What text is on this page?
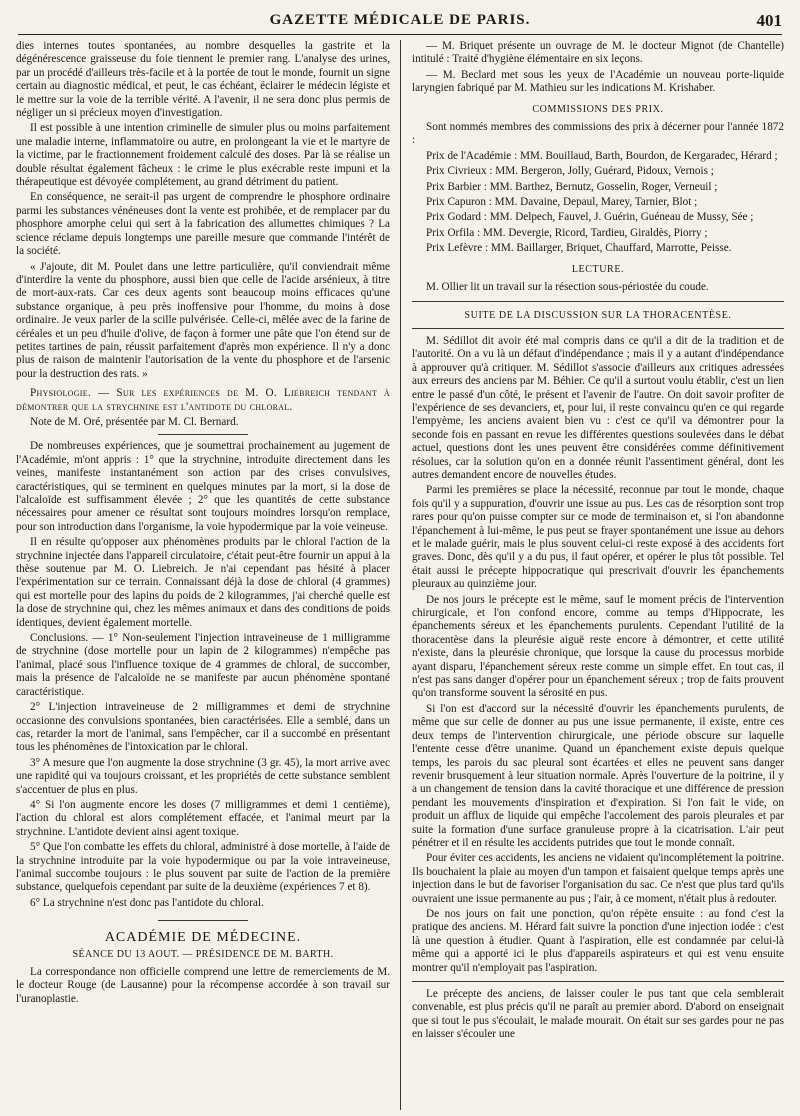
GAZETTE MÉDICALE DE PARIS.	401

dies internes toutes spontanées, au nombre desquelles la gastrite et la dégénérescence graisseuse du foie tiennent le premier rang. L'analyse des urines, par un procédé d'ailleurs très-facile et à la portée de tout le monde, fournit un signe certain au diagnostic médical, et peut, le cas échéant, éclairer le médecin légiste et le mettre sur la voie de la terrible vérité. A l'avenir, il ne sera donc plus permis de négliger un si précieux moyen d'investigation.

Il est possible à une intention criminelle de simuler plus ou moins parfaitement une maladie interne, inflammatoire ou autre, en prolongeant la vie et le martyre de la victime, par le fractionnement froidement calculé des doses. Par là se réalise un double résultat également fâcheux : le crime le plus exécrable reste impuni et la thérapeutique est dévoyée complétement, au grand détriment du patient.

En conséquence, ne serait-il pas urgent de comprendre le phosphore ordinaire parmi les substances vénéneuses dont la vente est prohibée, et de remplacer par du phosphore amorphe celui qui sert à la fabrication des allumettes chimiques ? La science réclame depuis longtemps une pareille mesure que commande l'intérêt de la société.

« J'ajoute, dit M. Poulet dans une lettre particulière, qu'il conviendrait même d'interdire la vente du phosphore, aussi bien que celle de l'acide arsénieux, à titre de mort-aux-rats. Car ces deux agents sont beaucoup moins efficaces qu'une substance organique, à peu près inoffensive pour l'homme, du moins à dose ordinaire. Je veux parler de la scille pulvérisée. Celle-ci, mêlée avec de la farine de céréales et un peu d'huile d'olive, de façon à former une pâte que l'on étend sur de petites tartines de pain, réussit parfaitement d'après mon expérience. Il n'y a donc plus de raison de maintenir l'autorisation de la vente du phosphore et de l'arsenic pour la destruction des rats. »

Physiologie. — Sur les expériences de M. O. Liebreich tendant à démontrer que la strychnine est l'antidote du chloral.

Note de M. Oré, présentée par M. Cl. Bernard.

De nombreuses expériences, que je soumettrai prochainement au jugement de l'Académie, m'ont appris : 1° que la strychnine, introduite directement dans les veines, manifeste instantanément son action par des crises convulsives, caractéristiques, qui se terminent en quelques minutes par la mort, si la dose de l'alcaloïde est suffisamment élevée ; 2° que les quantités de cette substance nécessaires pour amener ce résultat sont toujours moindres lorsqu'on remplace, pour son introduction dans l'organisme, la voie hypodermique par la voie veineuse.

Il en résulte qu'opposer aux phénomènes produits par le chloral l'action de la strychnine injectée dans l'appareil circulatoire, c'était peut-être fournir un appui à la thèse soutenue par M. O. Liebreich. Je n'ai cependant pas hésité à placer l'expérimentation sur ce terrain. Connaissant déjà la dose de chloral (4 grammes) qui est mortelle pour des lapins du poids de 2 kilogrammes, j'ai cherché quelle est la dose de strychnine qui, chez les mêmes animaux et dans des conditions de poids identiques, devient également mortelle.

Conclusions. — 1° Non-seulement l'injection intraveineuse de 1 milligramme de strychnine (dose mortelle pour un lapin de 2 kilogrammes) n'empêche pas l'animal, placé sous l'influence toxique de 4 grammes de chloral, de succomber, mais la présence de l'alcaloïde ne se manifeste par aucun phénomène spontané caractéristique.

2° L'injection intraveineuse de 2 milligrammes et demi de strychnine occasionne des convulsions spontanées, bien caractérisées. Elle a semblé, dans un cas, retarder la mort de l'animal, sans l'empêcher, car il a succombé en présentant tous les phénomènes de l'intoxication par le chloral.

3° A mesure que l'on augmente la dose strychnine (3 gr. 45), la mort arrive avec une rapidité qui va toujours croissant, et les propriétés de cette substance semblent s'accentuer de plus en plus.

4° Si l'on augmente encore les doses (7 milligrammes et demi 1 centième), l'action du chloral est alors complétement effacée, et l'animal meurt par la strychnine. L'antidote devient ainsi agent toxique.

5° Que l'on combatte les effets du chloral, administré à dose mortelle, à l'aide de la strychnine introduite par la voie hypodermique ou par la voie intraveineuse, l'animal succombe toujours : le plus souvent par suite de l'action de la première substance, quelquefois cependant par suite de la deuxième (expériences 7 et 8).

6° La strychnine n'est donc pas l'antidote du chloral.

ACADÉMIE DE MÉDECINE.
SÉANCE DU 13 AOUT. — PRÉSIDENCE DE M. BARTH.

La correspondance non officielle comprend une lettre de remerciements de M. le docteur Rouge (de Lausanne) pour la récompense accordée à son travail sur l'uranoplastie.

— M. Briquet présente un ouvrage de M. le docteur Mignot (de Chantelle) intitulé : Traité d'hygiène élémentaire en six leçons.

— M. Beclard met sous les yeux de l'Académie un nouveau porte-liquide laryngien fabriqué par M. Mathieu sur les indications M. Krishaber.

COMMISSIONS DES PRIX.

Sont nommés membres des commissions des prix à décerner pour l'année 1872 :

Prix de l'Académie : MM. Bouillaud, Barth, Bourdon, de Kergaradec, Hérard ;

Prix Civrieux : MM. Bergeron, Jolly, Guérard, Pidoux, Vernois ;

Prix Barbier : MM. Barthez, Bernutz, Gosselin, Roger, Verneuil ;

Prix Capuron : MM. Davaine, Depaul, Marey, Tarnier, Blot ;

Prix Godard : MM. Delpech, Fauvel, J. Guérin, Guéneau de Mussy, Sée ;

Prix Orfila : MM. Devergie, Ricord, Tardieu, Giraldès, Piorry ;

Prix Lefèvre : MM. Baillarger, Briquet, Chauffard, Marrotte, Peisse.

LECTURE.

M. Ollier lit un travail sur la résection sous-périostée du coude.

SUITE DE LA DISCUSSION SUR LA THORACENTÈSE.

M. Sédillot dit avoir été mal compris dans ce qu'il a dit de la tradition et de l'autorité. On a vu là un défaut d'indépendance ; mais il y a autant d'indépendance à approuver qu'à critiquer. M. Sédillot s'associe d'ailleurs aux critiques adressées aux erreurs des anciens par M. Béhier. Ce qu'il a surtout voulu établir, c'est un lien entre le passé d'un côté, le présent et l'avenir de l'autre. On doit savoir profiter de l'expérience de ses devanciers, et, pour lui, il reste convaincu qu'en ce qui regarde l'empyème, les anciens avaient bien vu : c'est ce qu'il va démontrer pour la seconde fois en passant en revue les différentes questions soulevées dans le débat actuel, questions dont les unes peuvent être considérées comme définitivement résolues, car la solution qu'on en a donnée réunit l'assentiment général, dont les autres demandent encore de nouvelles études.

Parmi les premières se place la nécessité, reconnue par tout le monde, chaque fois qu'il y a suppuration, d'ouvrir une issue au pus. Les cas de résorption sont trop rares pour qu'on puisse compter sur ce mode de terminaison et, si l'on abandonne l'épanchement à lui-même, le pus peut se frayer spontanément une issue au dehors et le malade guérir, mais le plus souvent celui-ci reste exposé à des accidents fort graves. Donc, dès qu'il y a du pus, il faut opérer, et opérer le plus tôt possible. Tel était aussi le précepte hippocratique qui prescrivait d'ouvrir les épanchements pleuraux au quinzième jour.

De nos jours le précepte est le même, sauf le moment précis de l'intervention chirurgicale, et l'on confond encore, comme au temps d'Hippocrate, les épanchements séreux et les épanchements purulents. Cependant l'utilité de la thoracentèse dans la pleurésie aiguë reste encore à démontrer, et cette utilité n'existe, dans la pleurésie chronique, que lorsque la cause du processus morbide ayant disparu, l'épanchement séreux reste comme un simple effet. En tout cas, il n'est pas sans danger d'opérer pour un épanchement séreux ; trop de faits prouvent qu'on transforme souvent la sérosité en pus.

Si l'on est d'accord sur la nécessité d'ouvrir les épanchements purulents, de même que sur celle de donner au pus une issue permanente, il existe, entre ces deux temps de l'intervention chirurgicale, une période obscure sur laquelle l'entente cesse d'être unanime. Quand un épanchement existe depuis quelque temps, les parois du sac pleural sont écartées et elles ne peuvent sans danger revenir brusquement à leur situation normale. Après l'ouverture de la poitrine, il y a un changement de tension dans la cavité thoracique et une différence de pression pendant les mouvements d'inspiration et d'expiration. Si l'on fait le vide, on produit un afflux de liquide qui empêche l'accolement des parois pleurales et par suite la formation d'une surface granuleuse propre à la cicatrisation. L'air peut pénétrer et il en résulte les accidents putrides que tout le monde connaît.

Pour éviter ces accidents, les anciens ne vidaient qu'incomplétement la poitrine. Ils bouchaient la plaie au moyen d'un tampon et faisaient quelque temps après une injection dans le but de favoriser l'organisation du sac. Ce n'est que plus tard qu'ils ouvraient une issue permanente au pus ; l'air, à ce moment, n'était plus à redouter.

De nos jours on fait une ponction, qu'on répète ensuite : au fond c'est la pratique des anciens. M. Hérard fait suivre la ponction d'une injection iodée : c'est là une question à étudier. Quant à l'aspiration, elle est condamnée par celui-là même qui a apporté ici le plus d'appareils aspirateurs et qui est venu ensuite montrer qu'il n'employait pas l'aspiration.

Le précepte des anciens, de laisser couler le pus tant que cela semblerait convenable, est plus précis qu'il ne paraît au premier abord. D'abord on enseignait que si tout le pus s'écoulait, le malade mourait. On était sur ses gardes pour ne pas en laisser s'écouler une
